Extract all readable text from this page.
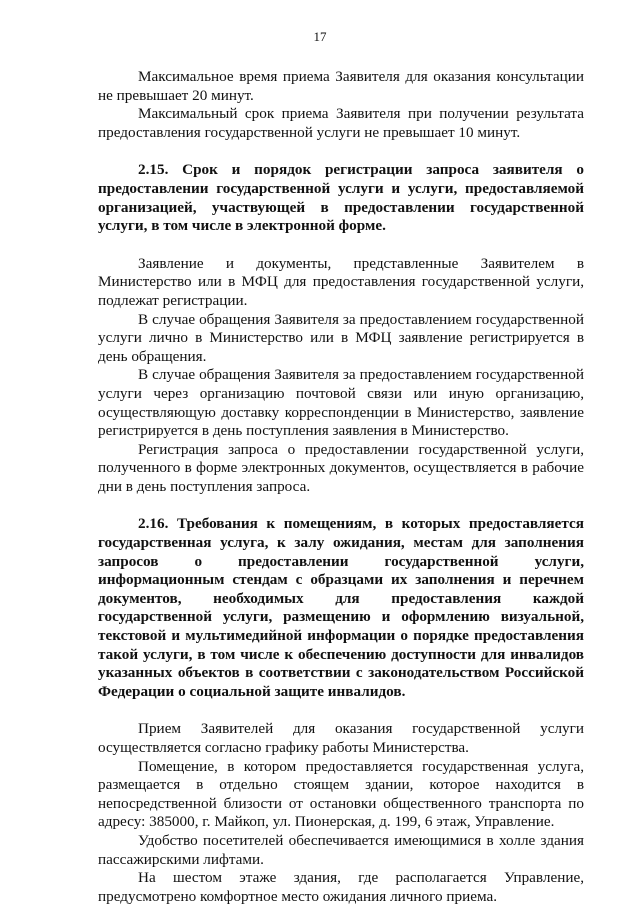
17

Максимальное время приема Заявителя для оказания консультации не превышает 20 минут.

Максимальный срок приема Заявителя при получении результата предоставления государственной услуги не превышает 10 минут.

2.15. Срок и порядок регистрации запроса заявителя о предоставлении государственной услуги и услуги, предоставляемой организацией, участвующей в предоставлении государственной услуги, в том числе в электронной форме.

Заявление и документы, представленные Заявителем в Министерство или в МФЦ для предоставления государственной услуги, подлежат регистрации.

В случае обращения Заявителя за предоставлением государственной услуги лично в Министерство или в МФЦ заявление регистрируется в день обращения.

В случае обращения Заявителя за предоставлением государственной услуги через организацию почтовой связи или иную организацию, осуществляющую доставку корреспонденции в Министерство, заявление регистрируется в день поступления заявления в Министерство.

Регистрация запроса о предоставлении государственной услуги, полученного в форме электронных документов, осуществляется в рабочие дни в день поступления запроса.

2.16. Требования к помещениям, в которых предоставляется государственная услуга, к залу ожидания, местам для заполнения запросов о предоставлении государственной услуги, информационным стендам с образцами их заполнения и перечнем документов, необходимых для предоставления каждой государственной услуги, размещению и оформлению визуальной, текстовой и мультимедийной информации о порядке предоставления такой услуги, в том числе к обеспечению доступности для инвалидов указанных объектов в соответствии с законодательством Российской Федерации о социальной защите инвалидов.

Прием Заявителей для оказания государственной услуги осуществляется согласно графику работы Министерства.

Помещение, в котором предоставляется государственная услуга, размещается в отдельно стоящем здании, которое находится в непосредственной близости от остановки общественного транспорта по адресу: 385000, г. Майкоп, ул. Пионерская, д. 199, 6 этаж, Управление.

Удобство посетителей обеспечивается имеющимися в холле здания пассажирскими лифтами.

На шестом этаже здания, где располагается Управление, предусмотрено комфортное место ожидания личного приема.
